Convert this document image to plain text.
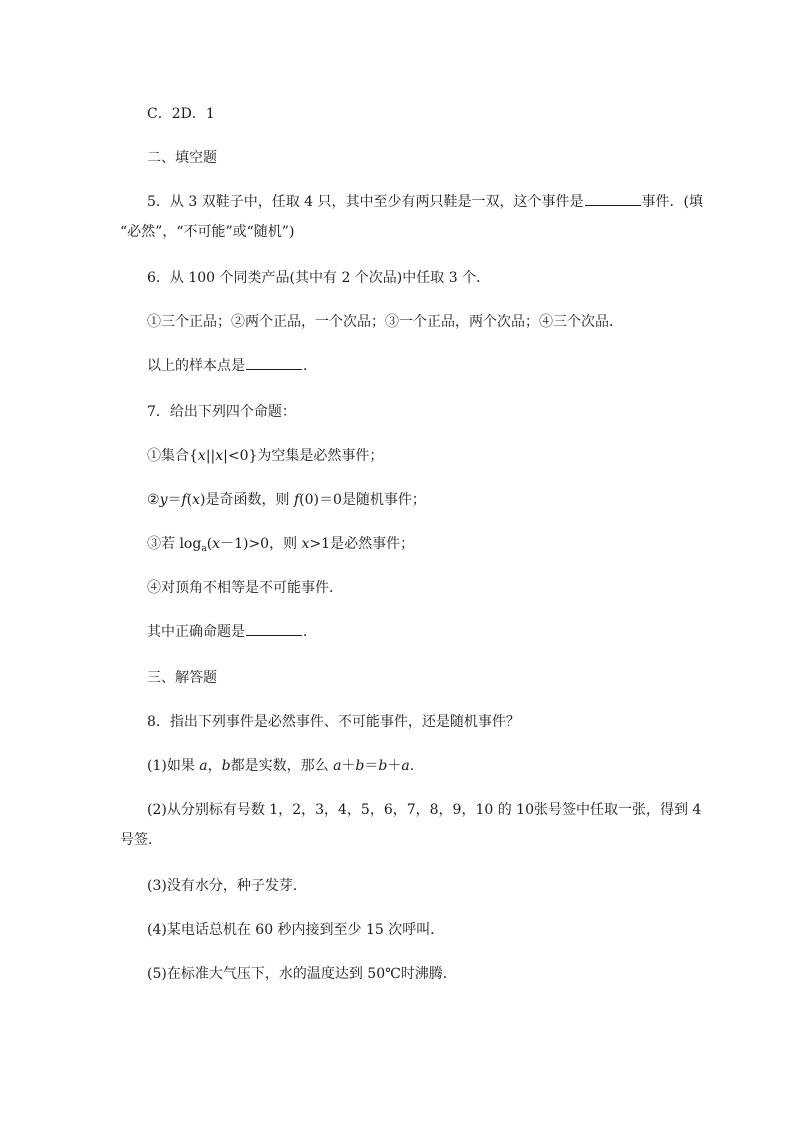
C．2D．1
二、填空题
5．从 3 双鞋子中，任取 4 只，其中至少有两只鞋是一双，这个事件是	事件．(填
“必然”，“不可能”或“随机”)
6．从 100 个同类产品(其中有 2 个次品)中任取 3 个．
①三个正品；②两个正品，一个次品；③一个正品，两个次品；④三个次品．
以上的样本点是	．
7．给出下列四个命题：
①集合{x||x|<0}为空集是必然事件；
②y＝f(x)是奇函数，则 f(0)＝0是随机事件；
③若 $\log_a(x-1)>0$，则 x>1是必然事件；
④对顶角不相等是不可能事件．
其中正确命题是	．
三、解答题
8．指出下列事件是必然事件、不可能事件，还是随机事件？
(1)如果 a，b都是实数，那么 a＋b＝b＋a.
(2)从分别标有号数 1，2，3，4，5，6，7，8，9，10 的 10张号签中任取一张，得到 4
号签．
(3)没有水分，种子发芽．
(4)某电话总机在 60 秒内接到至少 15 次呼叫．
(5)在标准大气压下，水的温度达到 50℃时沸腾．
